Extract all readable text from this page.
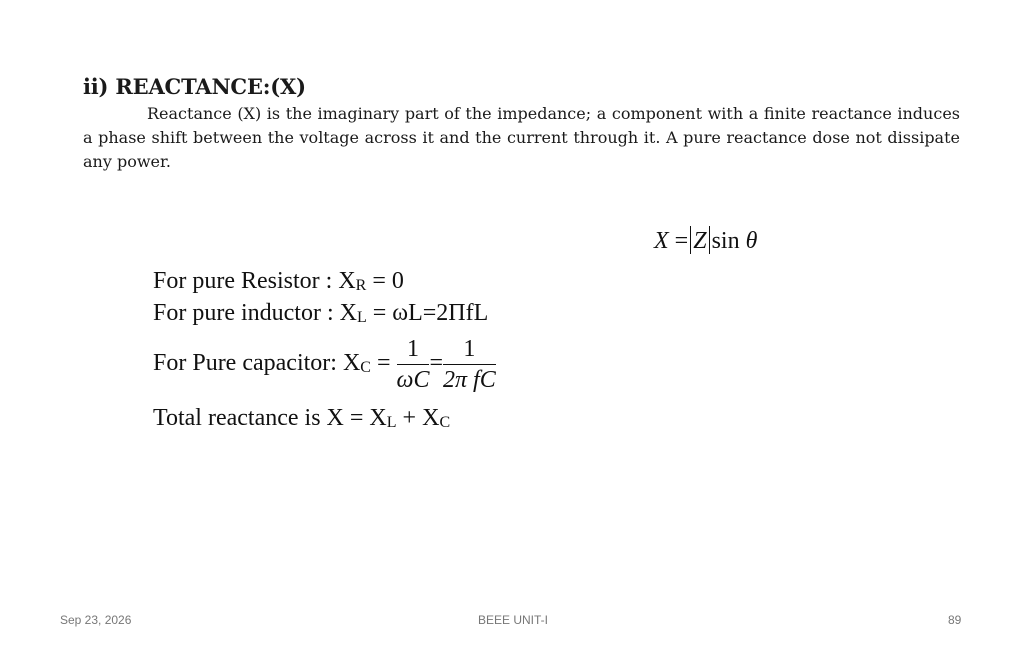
ii) REACTANCE:(X)
Reactance (X) is the imaginary part of the impedance; a component with a finite reactance induces a phase shift between the voltage across it and the current through it. A pure reactance dose not dissipate any power.
X = Z sin θ
For pure Resistor : XR = 0
For pure inductor : XL = ωL=2ΠfL
For Pure capacitor: XC = $\frac{1}{\omega C} = \frac{1}{\text{2π fC}}$
Total reactance is X = XL + XC
Sep 23, 2026	BEEE UNIT-I	89
